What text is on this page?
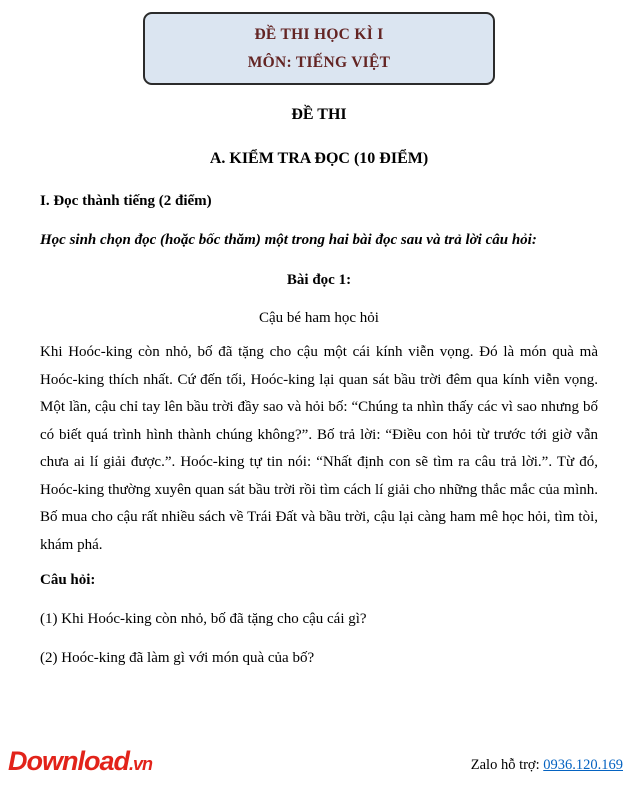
ĐỀ THI HỌC KÌ I
MÔN: TIẾNG VIỆT
ĐỀ THI
A. KIỂM TRA ĐỌC (10 ĐIỂM)
I. Đọc thành tiếng (2 điểm)
Học sinh chọn đọc (hoặc bốc thăm) một trong hai bài đọc sau và trả lời câu hỏi:
Bài đọc 1:
Cậu bé ham học hỏi

Khi Hoóc-king còn nhỏ, bố đã tặng cho cậu một cái kính viễn vọng. Đó là món quà mà Hoóc-king thích nhất. Cứ đến tối, Hoóc-king lại quan sát bầu trời đêm qua kính viễn vọng. Một lần, cậu chỉ tay lên bầu trời đầy sao và hỏi bố: “Chúng ta nhìn thấy các vì sao nhưng bố có biết quá trình hình thành chúng không?”. Bố trả lời: “Điều con hỏi từ trước tới giờ vẫn chưa ai lí giải được.”. Hoóc-king tự tin nói: “Nhất định con sẽ tìm ra câu trả lời.”. Từ đó, Hoóc-king thường xuyên quan sát bầu trời rồi tìm cách lí giải cho những thắc mắc của mình. Bố mua cho cậu rất nhiều sách về Trái Đất và bầu trời, cậu lại càng ham mê học hỏi, tìm tòi, khám phá.

Câu hỏi:

(1) Khi Hoóc-king còn nhỏ, bố đã tặng cho cậu cái gì?

(2) Hoóc-king đã làm gì với món quà của bố?

Download.vn	Zalo hỗ trợ: 0936.120.169
